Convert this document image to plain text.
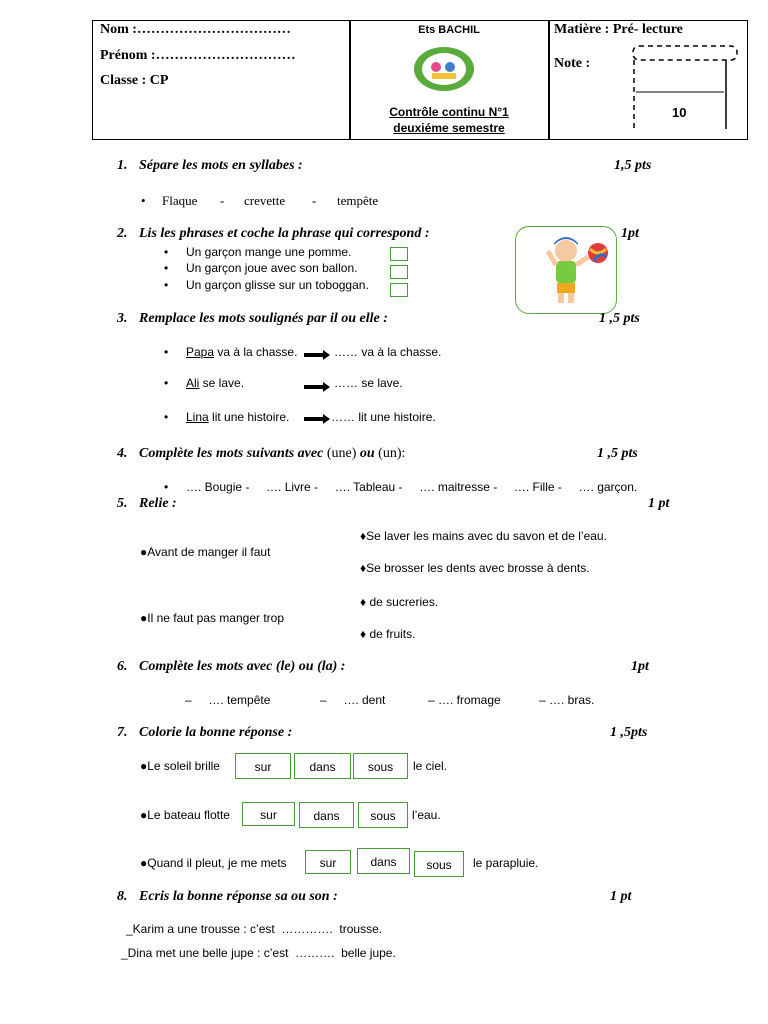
Nom :……………………………
Prénom :…………………………
Classe : CP
Ets BACHIL
Contrôle continu N°1
deuxiéme semestre
Matière : Pré- lecture
Note :
10
1. Sépare les mots en syllabes :	1,5 pts
• Flaque - crevette - tempête
2. Lis les phrases et coche la phrase qui correspond :	1pt
• Un garçon mange une pomme.
• Un garçon joue avec son ballon.
• Un garçon glisse sur un toboggan.
3. Remplace les mots soulignés par il ou elle :	1 ,5 pts
• Papa va à la chasse.	…… va à la chasse.
• Ali se lave.	…… se lave.
• Lina lit une histoire.	…… lit une histoire.
4. Complète les mots suivants avec (une) ou (un):	1 ,5 pts
• …. Bougie -     …. Livre -     …. Tableau -     …. maitresse -     …. Fille -     …. garçon.
5. Relie :	1 pt
●Avant de manger il faut
●Il ne faut pas manger trop
♦Se laver les mains avec du savon et de l’eau.
♦Se brosser les dents avec brosse à dents.
♦ de sucreries.
♦ de fruits.
6. Complète les mots avec (le) ou (la) :	1pt
–     …. tempête	–     …. dent	– …. fromage	– …. bras.
7. Colorie la bonne réponse :	1 ,5pts
●Le soleil brille	sur	dans	sous	le ciel.
●Le bateau flotte	sur	dans	sous	l’eau.
●Quand il pleut, je me mets	sur	dans	sous	le parapluie.
8. Ecris la bonne réponse sa ou son :	1 pt
_Karim a une trousse : c’est  ………….  trousse.
_Dina met une belle jupe : c’est  ……….  belle jupe.
